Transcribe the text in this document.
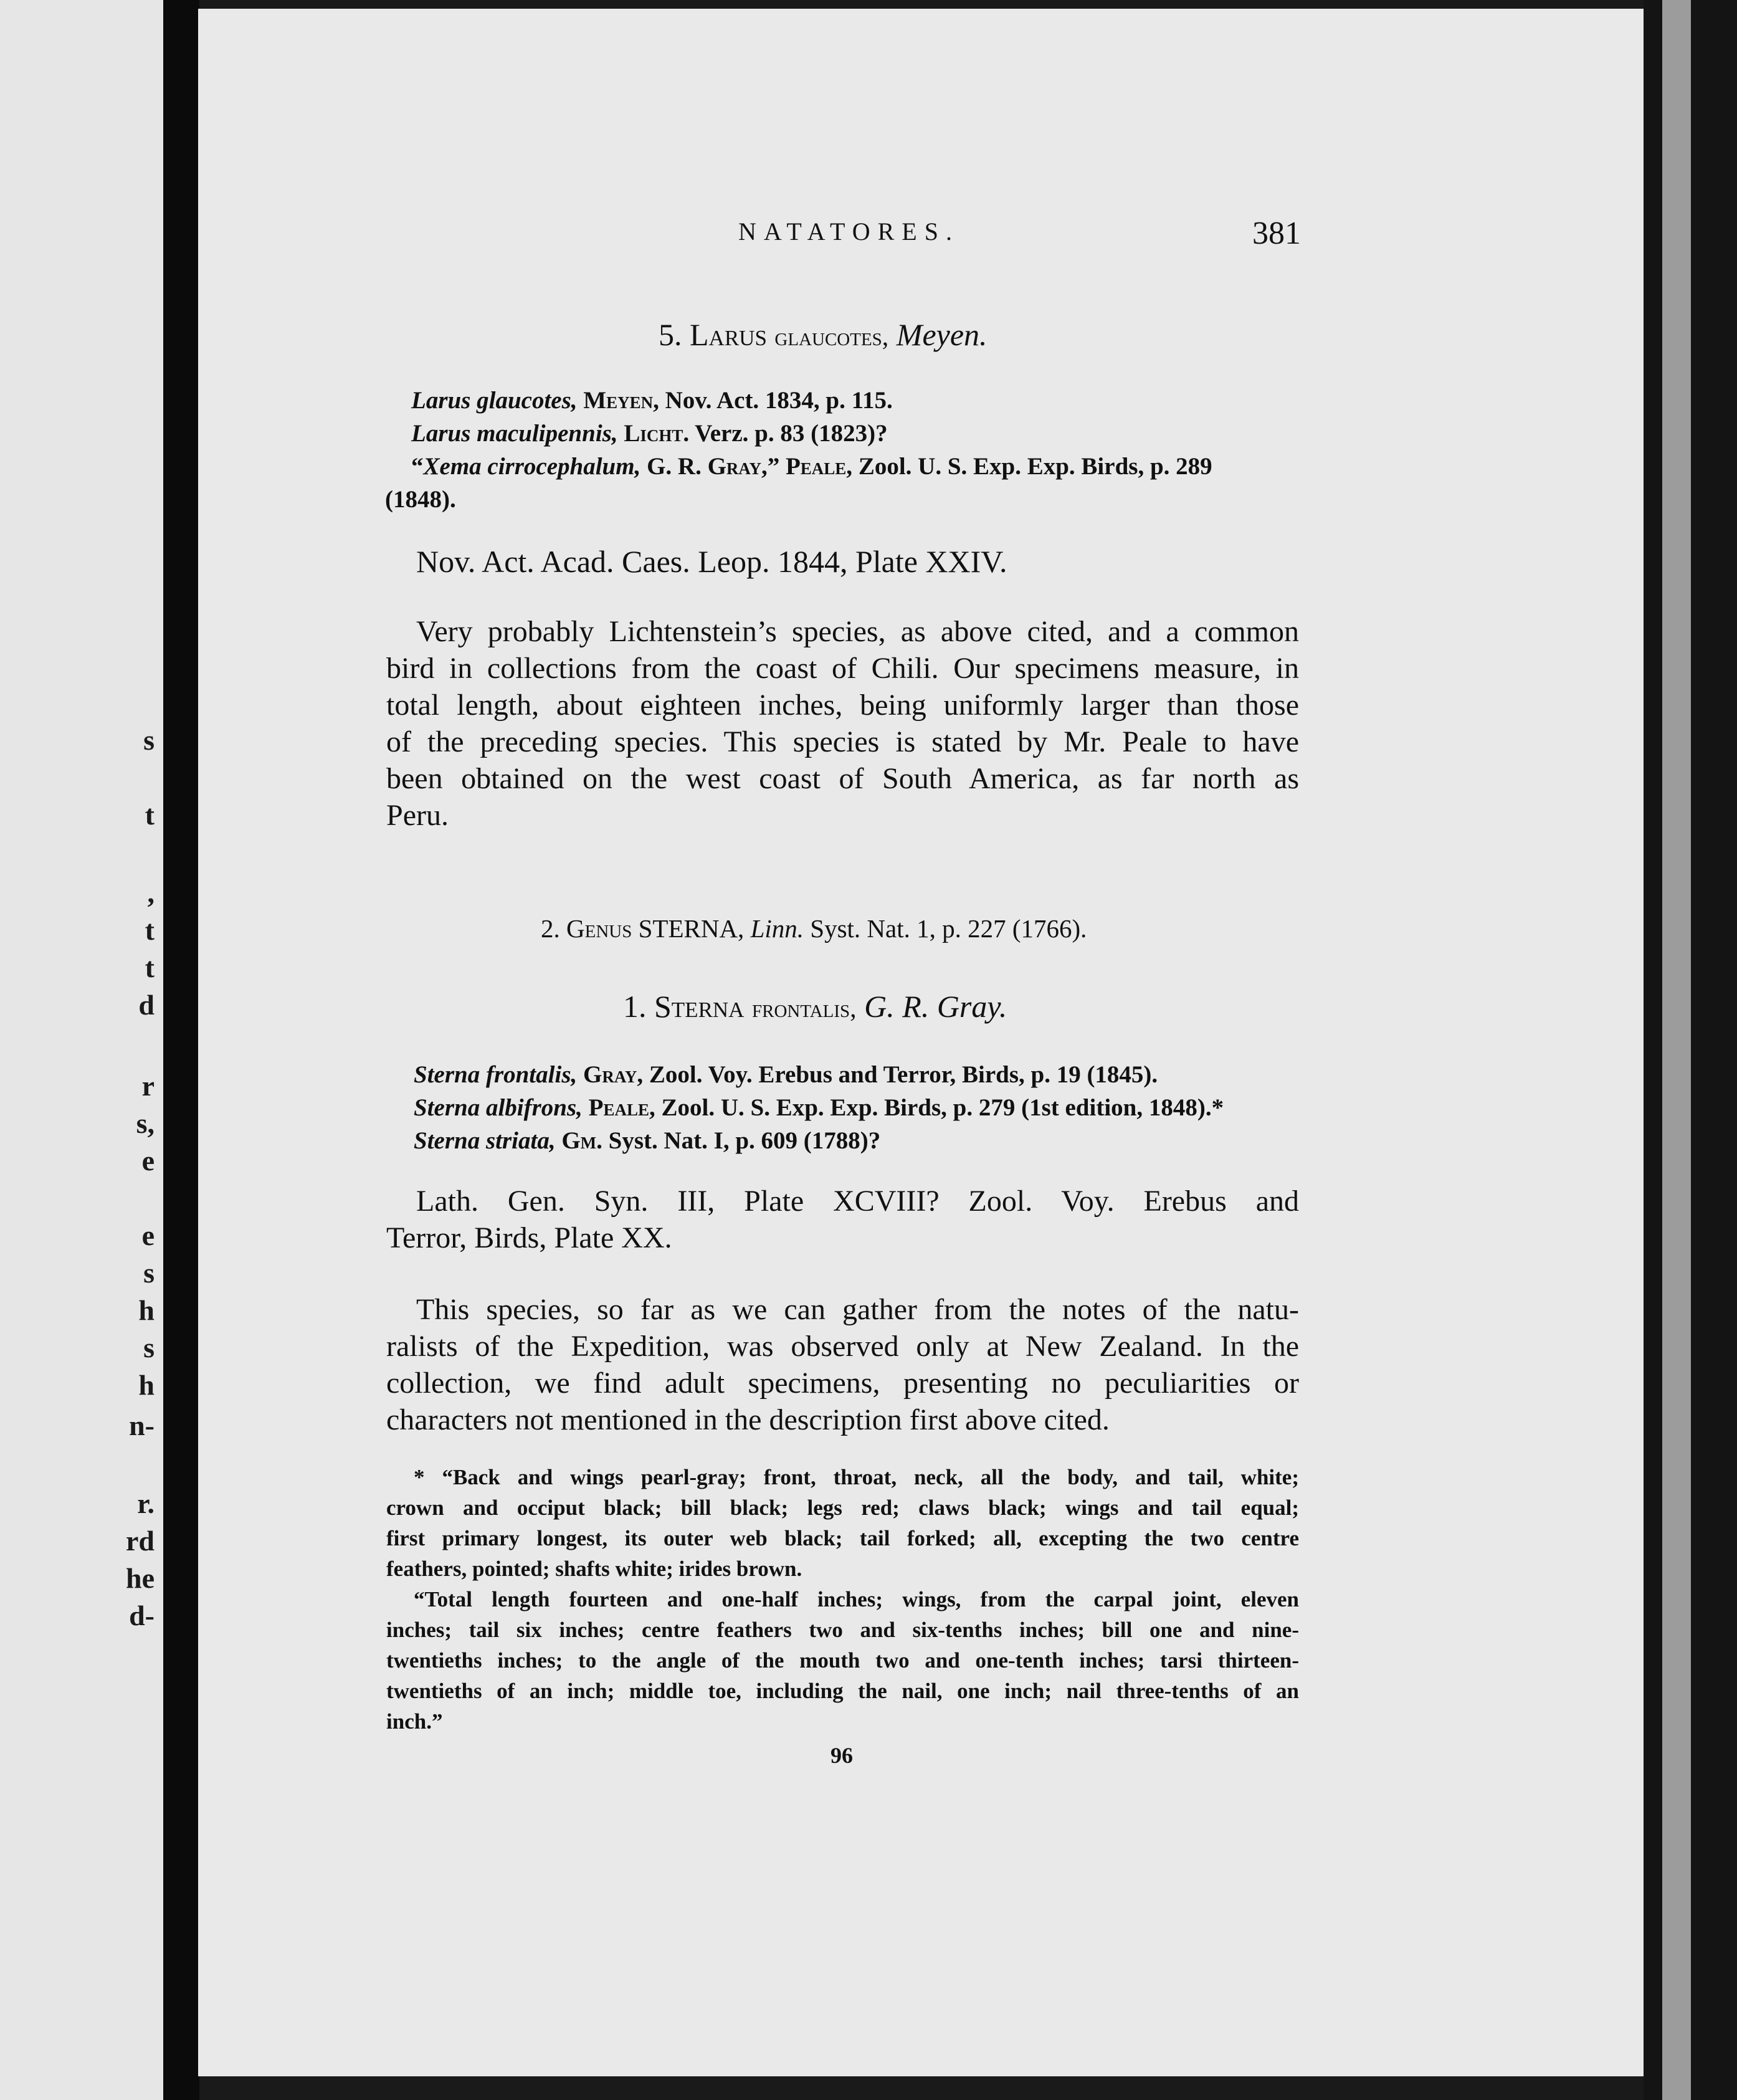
s
t
,
t
t
d
r
s,
e
e
s
h
s
h
n-
r.
rd
he
d-
NATATORES.	381
5. Larus glaucotes, Meyen.
Larus glaucotes, Meyen, Nov. Act. 1834, p. 115.
Larus maculipennis, Licht. Verz. p. 83 (1823)?
“Xema cirrocephalum, G. R. Gray,” Peale, Zool. U. S. Exp. Exp. Birds, p. 289
(1848).
Nov. Act. Acad. Caes. Leop. 1844, Plate XXIV.
Very probably Lichtenstein’s species, as above cited, and a common
bird in collections from the coast of Chili. Our specimens measure, in
total length, about eighteen inches, being uniformly larger than those
of the preceding species. This species is stated by Mr. Peale to have
been obtained on the west coast of South America, as far north as
Peru.
2. Genus STERNA, Linn. Syst. Nat. 1, p. 227 (1766).
1. Sterna frontalis, G. R. Gray.
Sterna frontalis, Gray, Zool. Voy. Erebus and Terror, Birds, p. 19 (1845).
Sterna albifrons, Peale, Zool. U. S. Exp. Exp. Birds, p. 279 (1st edition, 1848).*
Sterna striata, Gm. Syst. Nat. I, p. 609 (1788)?
Lath. Gen. Syn. III, Plate XCVIII? Zool. Voy. Erebus and
Terror, Birds, Plate XX.
This species, so far as we can gather from the notes of the natu-
ralists of the Expedition, was observed only at New Zealand. In the
collection, we find adult specimens, presenting no peculiarities or
characters not mentioned in the description first above cited.
* “Back and wings pearl-gray; front, throat, neck, all the body, and tail, white;
crown and occiput black; bill black; legs red; claws black; wings and tail equal;
first primary longest, its outer web black; tail forked; all, excepting the two centre
feathers, pointed; shafts white; irides brown.
“Total length fourteen and one-half inches; wings, from the carpal joint, eleven
inches; tail six inches; centre feathers two and six-tenths inches; bill one and nine-
twentieths inches; to the angle of the mouth two and one-tenth inches; tarsi thirteen-
twentieths of an inch; middle toe, including the nail, one inch; nail three-tenths of an
inch.”
96
